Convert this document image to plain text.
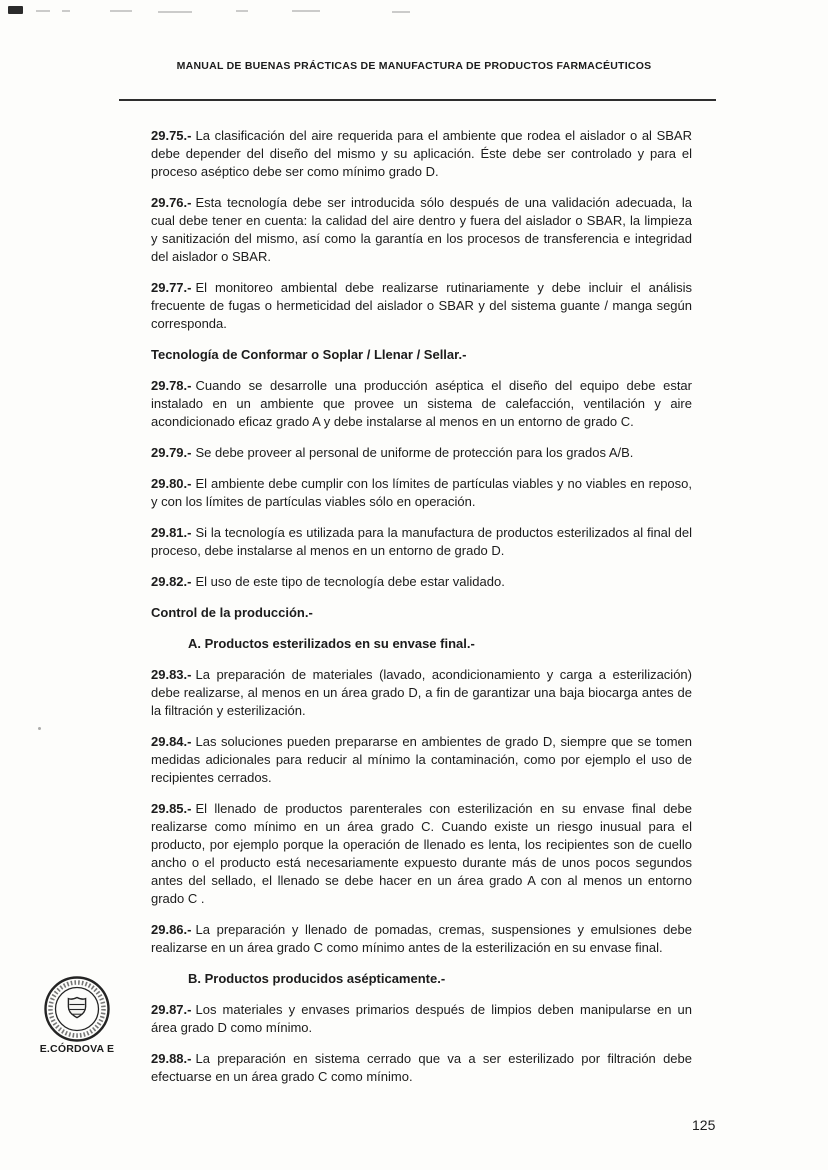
MANUAL DE BUENAS PRÁCTICAS DE MANUFACTURA DE PRODUCTOS FARMACÉUTICOS

29.75.- La clasificación del aire requerida para el ambiente que rodea el aislador o al SBAR debe depender del diseño del mismo y su aplicación. Éste debe ser controlado y para el proceso aséptico debe ser como mínimo grado D.

29.76.- Esta tecnología debe ser introducida sólo después de una validación adecuada, la cual debe tener en cuenta: la calidad del aire dentro y fuera del aislador o SBAR, la limpieza y sanitización del mismo, así como la garantía en los procesos de transferencia e integridad del aislador o SBAR.

29.77.- El monitoreo ambiental debe realizarse rutinariamente y debe incluir el análisis frecuente de fugas o hermeticidad del aislador o SBAR y del sistema guante / manga según corresponda.

Tecnología de Conformar o Soplar / Llenar / Sellar.-

29.78.- Cuando se desarrolle una producción aséptica el diseño del equipo debe estar instalado en un ambiente que provee un sistema de calefacción, ventilación y aire acondicionado eficaz grado A y debe instalarse al menos en un entorno de grado C.

29.79.- Se debe proveer al personal de uniforme de protección para los grados A/B.

29.80.- El ambiente debe cumplir con los límites de partículas viables y no viables en reposo, y con los límites de partículas viables sólo en operación.

29.81.- Si la tecnología es utilizada para la manufactura de productos esterilizados al final del proceso, debe instalarse al menos en un entorno de grado D.

29.82.- El uso de este tipo de tecnología debe estar validado.

Control de la producción.-

A. Productos esterilizados en su envase final.-

29.83.- La preparación de materiales (lavado, acondicionamiento y carga a esterilización) debe realizarse, al menos en un área grado D, a fin de garantizar una baja biocarga antes de la filtración y esterilización.

29.84.- Las soluciones pueden prepararse en ambientes de grado D, siempre que se tomen medidas adicionales para reducir al mínimo la contaminación, como por ejemplo el uso de recipientes cerrados.

29.85.- El llenado de productos parenterales con esterilización en su envase final debe realizarse como mínimo en un área grado C. Cuando existe un riesgo inusual para el producto, por ejemplo porque la operación de llenado es lenta, los recipientes son de cuello ancho o el producto está necesariamente expuesto durante más de unos pocos segundos antes del sellado, el llenado se debe hacer en un área grado A con al menos un entorno grado C .

29.86.- La preparación y llenado de pomadas, cremas, suspensiones y emulsiones debe realizarse en un área grado C como mínimo antes de la esterilización en su envase final.

B. Productos producidos asépticamente.-

29.87.- Los materiales y envases primarios después de limpios deben manipularse en un área grado D como mínimo.

29.88.- La preparación en sistema cerrado que va a ser esterilizado por filtración debe efectuarse en un área grado C como mínimo.

E.CÓRDOVA E
125
